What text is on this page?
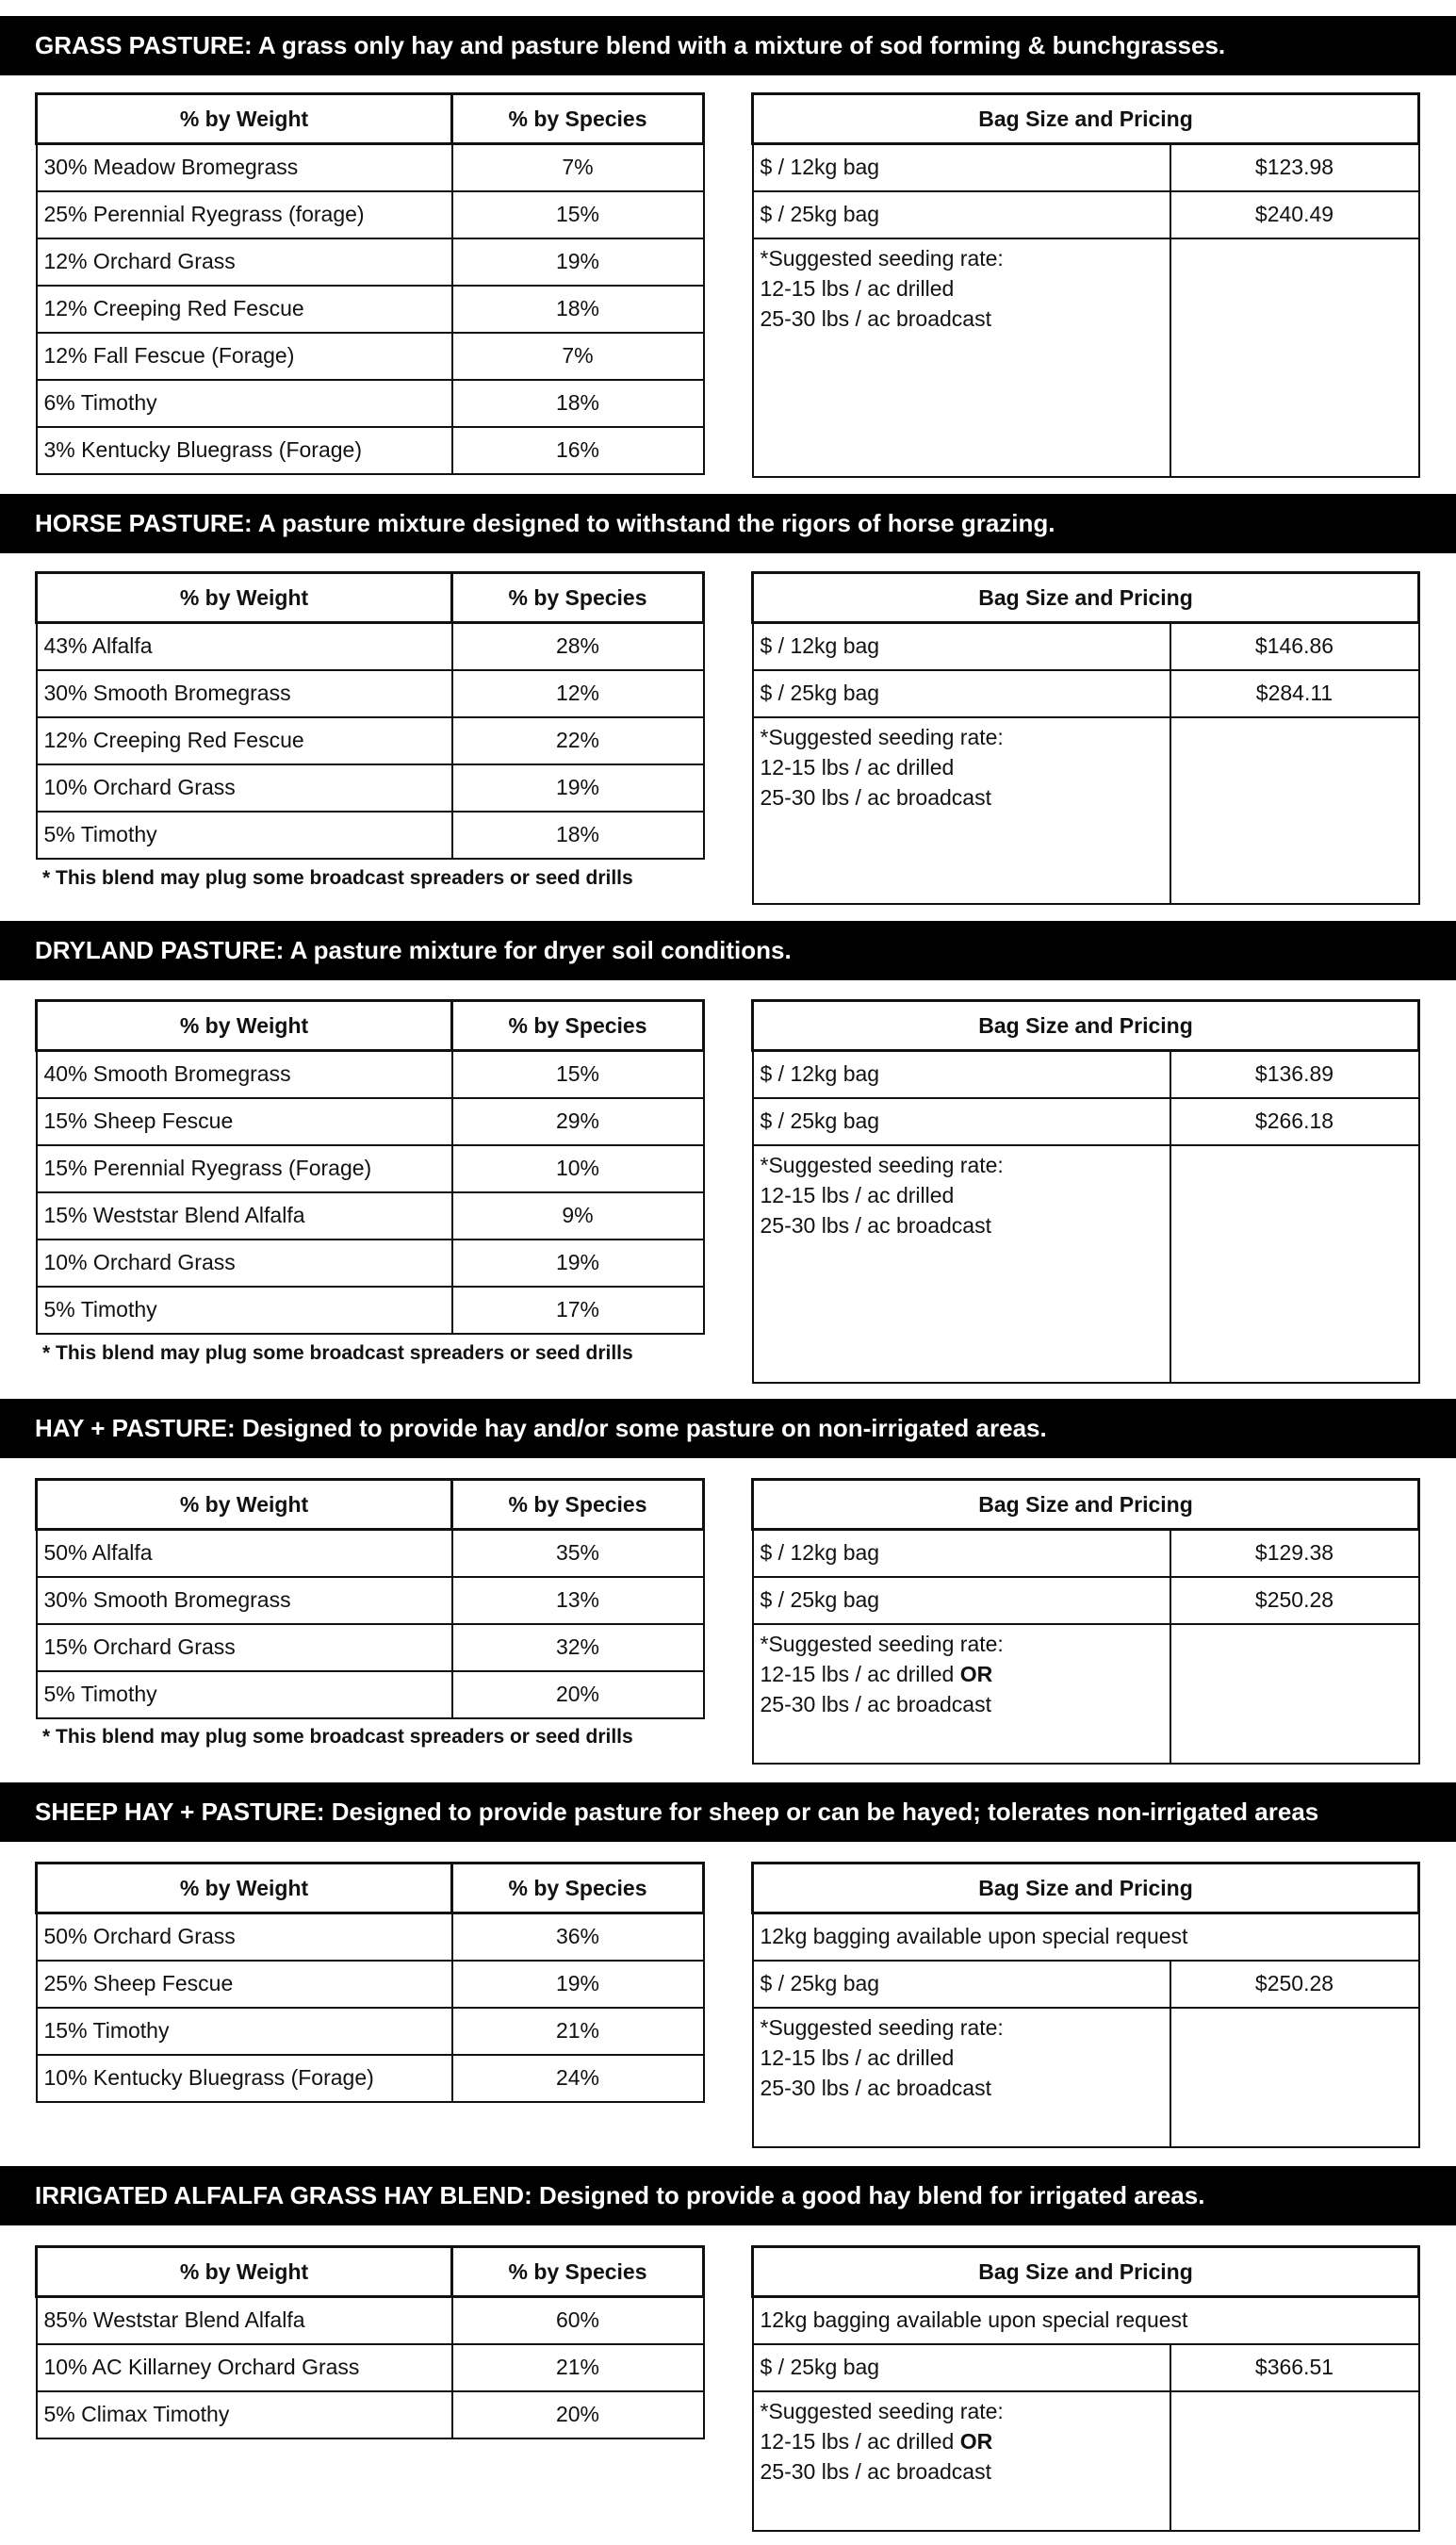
GRASS PASTURE: A grass only hay and pasture blend with a mixture of sod forming & bunchgrasses.
% by Weight	% by Species
30% Meadow Bromegrass	7%
25% Perennial Ryegrass (forage)	15%
12% Orchard Grass	19%
12% Creeping Red Fescue	18%
12% Fall Fescue (Forage)	7%
6% Timothy	18%
3% Kentucky Bluegrass (Forage)	16%
Bag Size and Pricing	
$ / 12kg bag	$123.98
$ / 25kg bag	$240.49

*Suggested seeding rate:
12-15 lbs / ac drilled
25-30 lbs / ac broadcast	

HORSE PASTURE: A pasture mixture designed to withstand the rigors of horse grazing.
% by Weight	% by Species
43% Alfalfa	28%
30% Smooth Bromegrass	12%
12% Creeping Red Fescue	22%
10% Orchard Grass	19%
5% Timothy	18%
* This blend may plug some broadcast spreaders or seed drills
Bag Size and Pricing	
$ / 12kg bag	$146.86
$ / 25kg bag	$284.11

*Suggested seeding rate:
12-15 lbs / ac drilled
25-30 lbs / ac broadcast	

DRYLAND PASTURE: A pasture mixture for dryer soil conditions.
% by Weight	% by Species
40% Smooth Bromegrass	15%
15% Sheep Fescue	29%
15% Perennial Ryegrass (Forage)	10%
15% Weststar Blend Alfalfa	9%
10% Orchard Grass	19%
5% Timothy	17%
* This blend may plug some broadcast spreaders or seed drills
Bag Size and Pricing	
$ / 12kg bag	$136.89
$ / 25kg bag	$266.18

*Suggested seeding rate:
12-15 lbs / ac drilled
25-30 lbs / ac broadcast	

HAY + PASTURE: Designed to provide hay and/or some pasture on non-irrigated areas.
% by Weight	% by Species
50% Alfalfa	35%
30% Smooth Bromegrass	13%
15% Orchard Grass	32%
5% Timothy	20%
* This blend may plug some broadcast spreaders or seed drills
Bag Size and Pricing	
$ / 12kg bag	$129.38
$ / 25kg bag	$250.28

*Suggested seeding rate:
12-15 lbs / ac drilled OR
25-30 lbs / ac broadcast	

SHEEP HAY + PASTURE: Designed to provide pasture for sheep or can be hayed; tolerates non-irrigated areas
% by Weight	% by Species
50% Orchard Grass	36%
25% Sheep Fescue	19%
15% Timothy	21%
10% Kentucky Bluegrass (Forage)	24%
Bag Size and Pricing	
12kg bagging available upon special request	
$ / 25kg bag	$250.28

*Suggested seeding rate:
12-15 lbs / ac drilled
25-30 lbs / ac broadcast	

IRRIGATED ALFALFA GRASS HAY BLEND: Designed to provide a good hay blend for irrigated areas.
% by Weight	% by Species
85% Weststar Blend Alfalfa	60%
10% AC Killarney Orchard Grass	21%
5% Climax Timothy	20%
Bag Size and Pricing	
12kg bagging available upon special request	
$ / 25kg bag	$366.51

*Suggested seeding rate:
12-15 lbs / ac drilled OR
25-30 lbs / ac broadcast	
